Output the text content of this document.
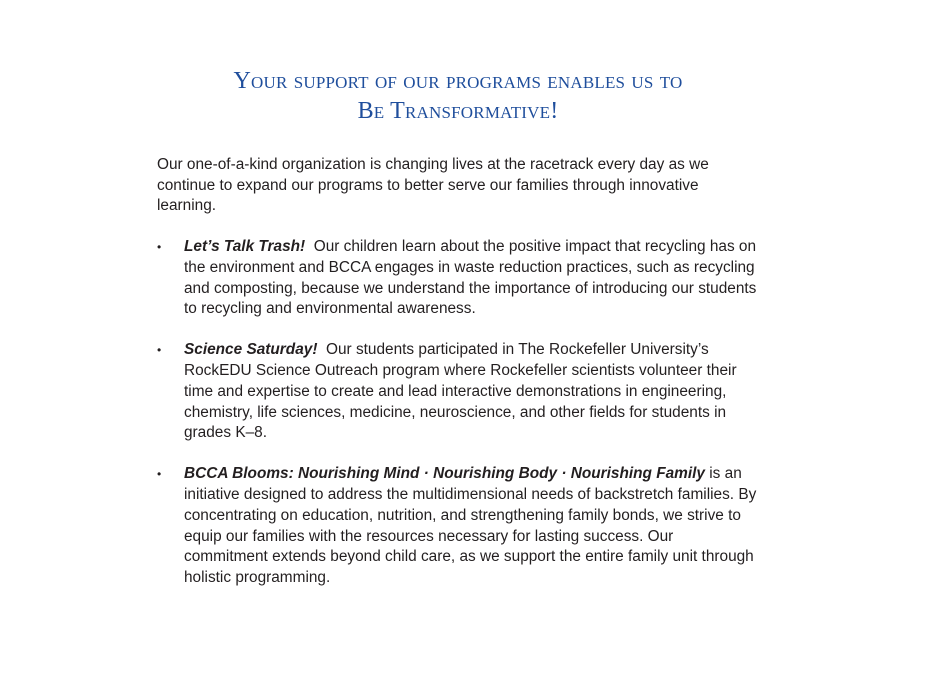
Your support of our programs enables us to
Be Transformative!

Our one-of-a-kind organization is changing lives at the racetrack every day as we continue to expand our programs to better serve our families through innovative learning.

•	Let’s Talk Trash! Our children learn about the positive impact that recycling has on the environment and BCCA engages in waste reduction practices, such as recycling and composting, because we understand the importance of introducing our students to recycling and environmental awareness.
•	Science Saturday! Our students participated in The Rockefeller University’s RockEDU Science Outreach program where Rockefeller scientists volunteer their time and expertise to create and lead interactive demonstrations in engineering, chemistry, life sciences, medicine, neuroscience, and other fields for students in grades K–8.
•	BCCA Blooms: Nourishing Mind · Nourishing Body · Nourishing Family is an initiative designed to address the multidimensional needs of backstretch families. By concentrating on education, nutrition, and strengthening family bonds, we strive to equip our families with the resources necessary for lasting success. Our commitment extends beyond child care, as we support the entire family unit through holistic programming.
